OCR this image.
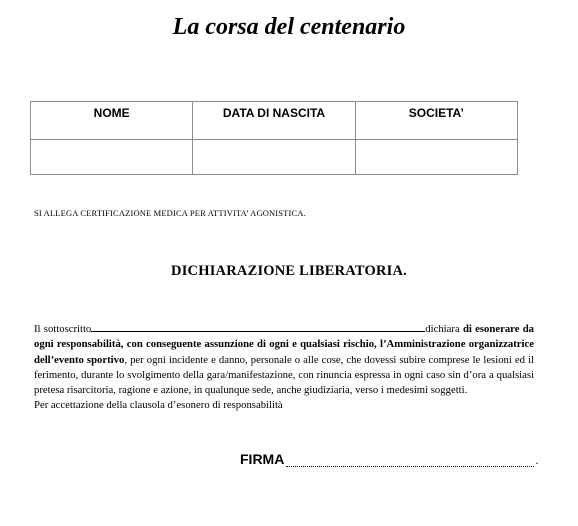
La corsa del centenario
NOME	DATA DI NASCITA	SOCIETA’

SI ALLEGA CERTIFICAZIONE MEDICA PER ATTIVITA’ AGONISTICA.
DICHIARAZIONE LIBERATORIA.
Il sottoscritto	dichiara di esonerare da ogni responsabilità, con conseguente assunzione di ogni e qualsiasi rischio, l’Amministrazione organizzatrice dell’evento sportivo, per ogni incidente e danno, personale o alle cose, che dovessi subire comprese le lesioni ed il ferimento, durante lo svolgimento della gara/manifestazione, con rinuncia espressa in ogni caso sin d’ora a qualsiasi pretesa risarcitoria, ragione e azione, in qualunque sede, anche giudiziaria, verso i medesimi soggetti.
Per accettazione della clausola d’esonero di responsabilità
FIRMA	.
